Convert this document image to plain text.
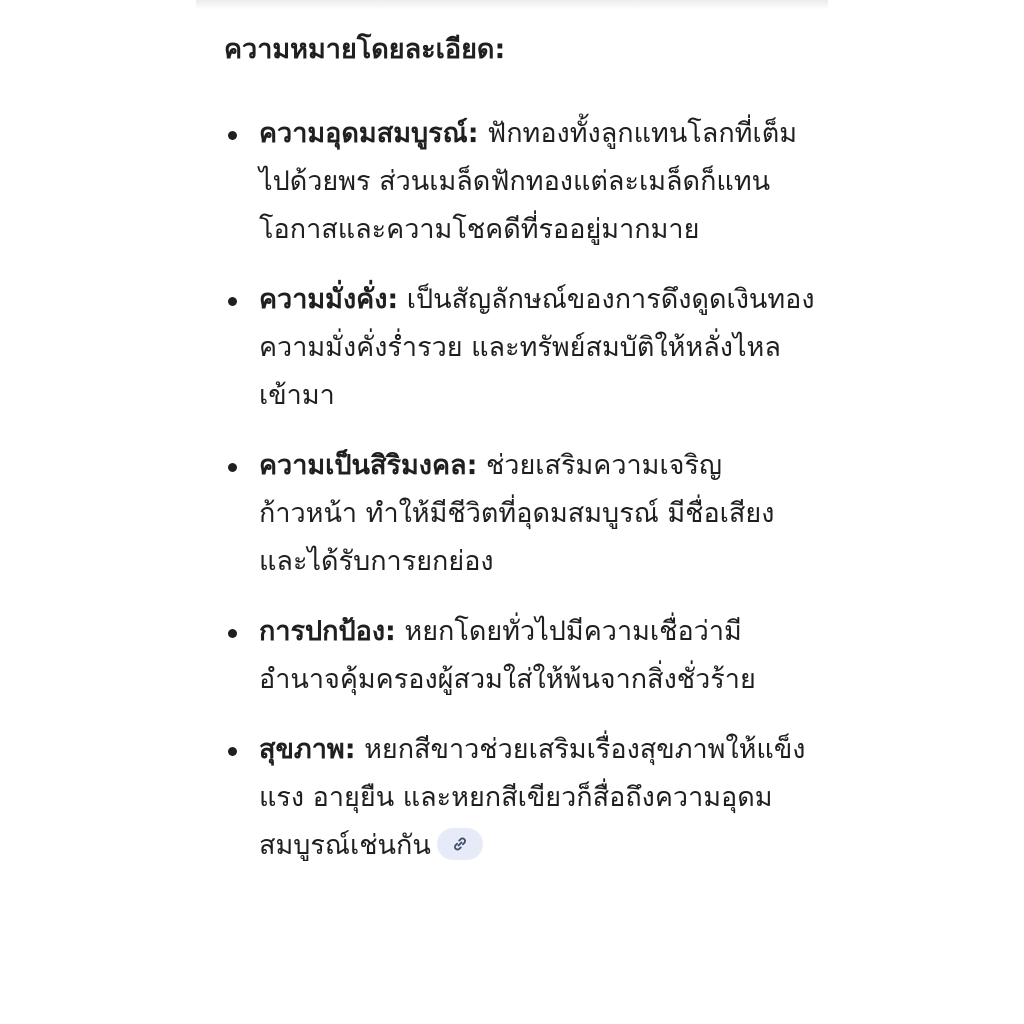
ความหมายโดยละเอียด:
ความอุดมสมบูรณ์: ฟักทองทั้งลูกแทนโลกที่เต็มไปด้วยพร ส่วนเมล็ดฟักทองแต่ละเมล็ดก็แทนโอกาสและความโชคดีที่รออยู่มากมาย
ความมั่งคั่ง: เป็นสัญลักษณ์ของการดึงดูดเงินทอง ความมั่งคั่งร่ำรวย และทรัพย์สมบัติให้หลั่งไหลเข้ามา
ความเป็นสิริมงคล: ช่วยเสริมความเจริญก้าวหน้า ทำให้มีชีวิตที่อุดมสมบูรณ์ มีชื่อเสียง และได้รับการยกย่อง
การปกป้อง: หยกโดยทั่วไปมีความเชื่อว่ามีอำนาจคุ้มครองผู้สวมใส่ให้พ้นจากสิ่งชั่วร้าย
สุขภาพ: หยกสีขาวช่วยเสริมเรื่องสุขภาพให้แข็งแรง อายุยืน และหยกสีเขียวก็สื่อถึงความอุดมสมบูรณ์เช่นกัน
